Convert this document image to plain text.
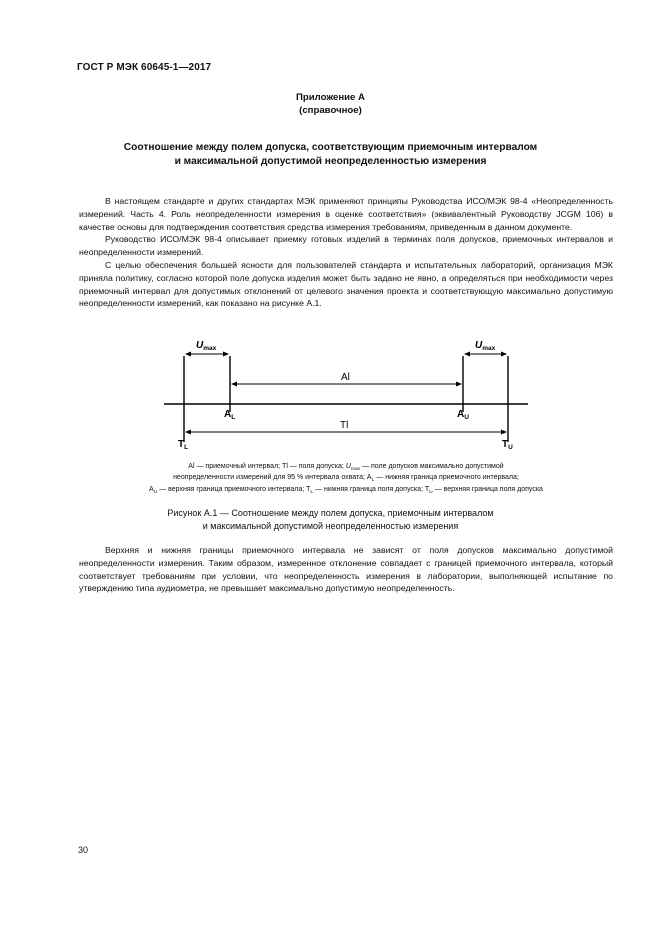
ГОСТ Р МЭК 60645-1—2017
Приложение А
(справочное)
Соотношение между полем допуска, соответствующим приемочным интервалом
и максимальной допустимой неопределенностью измерения

В настоящем стандарте и других стандартах МЭК применяют принципы Руководства ИСО/МЭК 98-4 «Неопределенность измерений. Часть 4. Роль неопределенности измерения в оценке соответствия» (эквивалентный Руководству JCGM 106) в качестве основы для подтверждения соответствия средства измерения требованиям, приведенным в данном документе.

Руководство ИСО/МЭК 98-4 описывает приемку готовых изделий в терминах поля допусков, приемочных интервалов и неопределенности измерений.

С целью обеспечения большей ясности для пользователей стандарта и испытательных лабораторий, организация МЭК приняла политику, согласно которой поле допуска изделия может быть задано не явно, а определяться при необходимости через приемочный интервал для допустимых отклонений от целевого значения проекта и соответствующую максимально допустимую неопределенности измерений, как показано на рисунке А.1.

$U_{max}$	$U_{max}$
Al
Tl
$A_L$	$A_U$
$T_L$	$T_U$
Al — приемочный интервал; Tl — поля допуска; $U_{max}$ — поле допусков максимально допустимой
неопределенности измерений для 95 % интервала охвата; $A_L$ — нижняя граница приемочного интервала;
$A_U$ — верхняя граница приемочного интервала; $T_L$ — нижняя граница поля допуска; $T_U$ — верхняя граница поля допуска
Рисунок А.1 — Соотношение между полем допуска, приемочным интервалом
и максимальной допустимой неопределенностью измерения

Верхняя и нижняя границы приемочного интервала не зависят от поля допусков максимально допустимой неопределенности измерения. Таким образом, измеренное отклонение совпадает с границей приемочного интервала, который соответствует требованиям при условии, что неопределенность измерения в лаборатории, выполняющей испытание по утверждению типа аудиометра, не превышает максимально допустимую неопределенность.

30
